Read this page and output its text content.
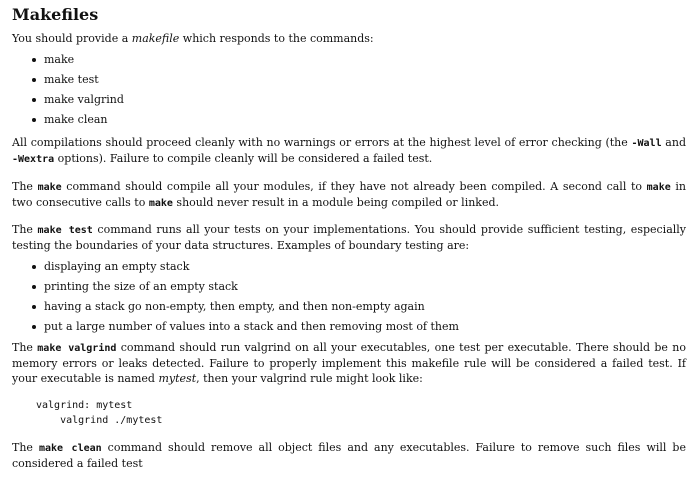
Makefiles

You should provide a makefile which responds to the commands:

make
make test
make valgrind
make clean

All compilations should proceed cleanly with no warnings or errors at the highest level of error checking (the -Wall and -Wextra options). Failure to compile cleanly will be considered a failed test.

The make command should compile all your modules, if they have not already been compiled. A second call to make in two consecutive calls to make should never result in a module being compiled or linked.

The make test command runs all your tests on your implementations. You should provide sufficient testing, especially testing the boundaries of your data structures. Examples of boundary testing are:

displaying an empty stack
printing the size of an empty stack
having a stack go non-empty, then empty, and then non-empty again
put a large number of values into a stack and then removing most of them

The make valgrind command should run valgrind on all your executables, one test per executable. There should be no memory errors or leaks detected. Failure to properly implement this makefile rule will be considered a failed test. If your executable is named mytest, then your valgrind rule might look like:

valgrind: mytest
valgrind ./mytest

The make clean command should remove all object files and any executables. Failure to remove such files will be considered a failed test
